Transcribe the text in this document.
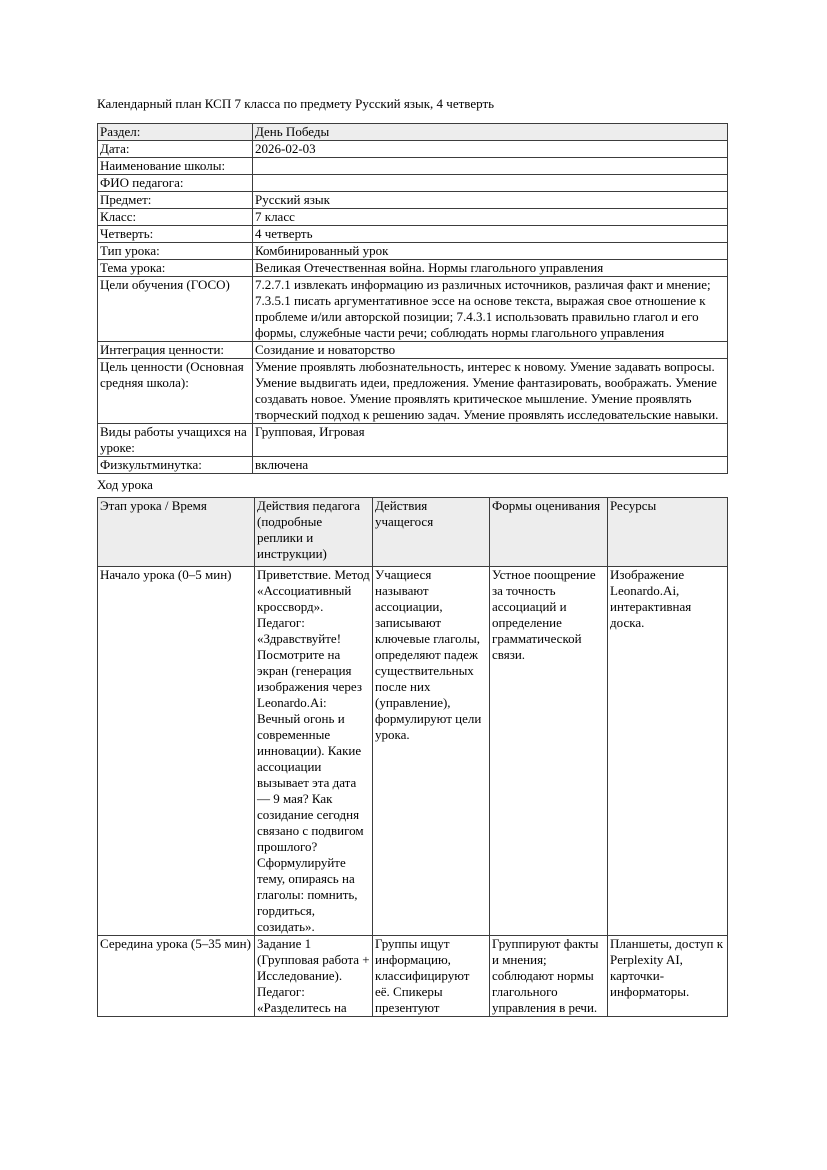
Календарный план КСП 7 класса по предмету Русский язык, 4 четверть

Раздел:	День Победы
Дата:	2026-02-03
Наименование школы:	
ФИО педагога:	
Предмет:	Русский язык
Класс:	7 класс
Четверть:	4 четверть
Тип урока:	Комбинированный урок
Тема урока:	Великая Отечественная война. Нормы глагольного управления
Цели обучения (ГОСО)	7.2.7.1 извлекать информацию из различных источников, различая факт и мнение; 7.3.5.1 писать аргументативное эссе на основе текста, выражая свое отношение к проблеме и/или авторской позиции; 7.4.3.1 использовать правильно глагол и его формы, служебные части речи; соблюдать нормы глагольного управления
Интеграция ценности:	Созидание и новаторство
Цель ценности (Основная средняя школа):	Умение проявлять любознательность, интерес к новому. Умение задавать вопросы. Умение выдвигать идеи, предложения. Умение фантазировать, воображать. Умение создавать новое. Умение проявлять критическое мышление. Умение проявлять творческий подход к решению задач. Умение проявлять исследовательские навыки.
Виды работы учащихся на уроке:	Групповая, Игровая
Физкультминутка:	включена

Ход урока

Этап урока / Время	Действия педагога (подробные реплики и инструкции)	Действия учащегося	Формы оценивания	Ресурсы
Начало урока (0–5 мин)	Приветствие. Метод «Ассоциативный кроссворд». Педагог: «Здравствуйте! Посмотрите на экран (генерация изображения через Leonardo.Ai: Вечный огонь и современные инновации). Какие ассоциации вызывает эта дата — 9 мая? Как созидание сегодня связано с подвигом прошлого? Сформулируйте тему, опираясь на глаголы: помнить, гордиться, созидать».	Учащиеся называют ассоциации, записывают ключевые глаголы, определяют падеж существительных после них (управление), формулируют цели урока.	Устное поощрение за точность ассоциаций и определение грамматической связи.	Изображение Leonardo.Ai, интерактивная доска.
Середина урока (5–35 мин)	Задание 1 (Групповая работа + Исследование). Педагог: «Разделитесь на	Группы ищут информацию, классифицируют её. Спикеры презентуют	Группируют факты и мнения; соблюдают нормы глагольного управления в речи.	Планшеты, доступ к Perplexity AI, карточки-информаторы.
